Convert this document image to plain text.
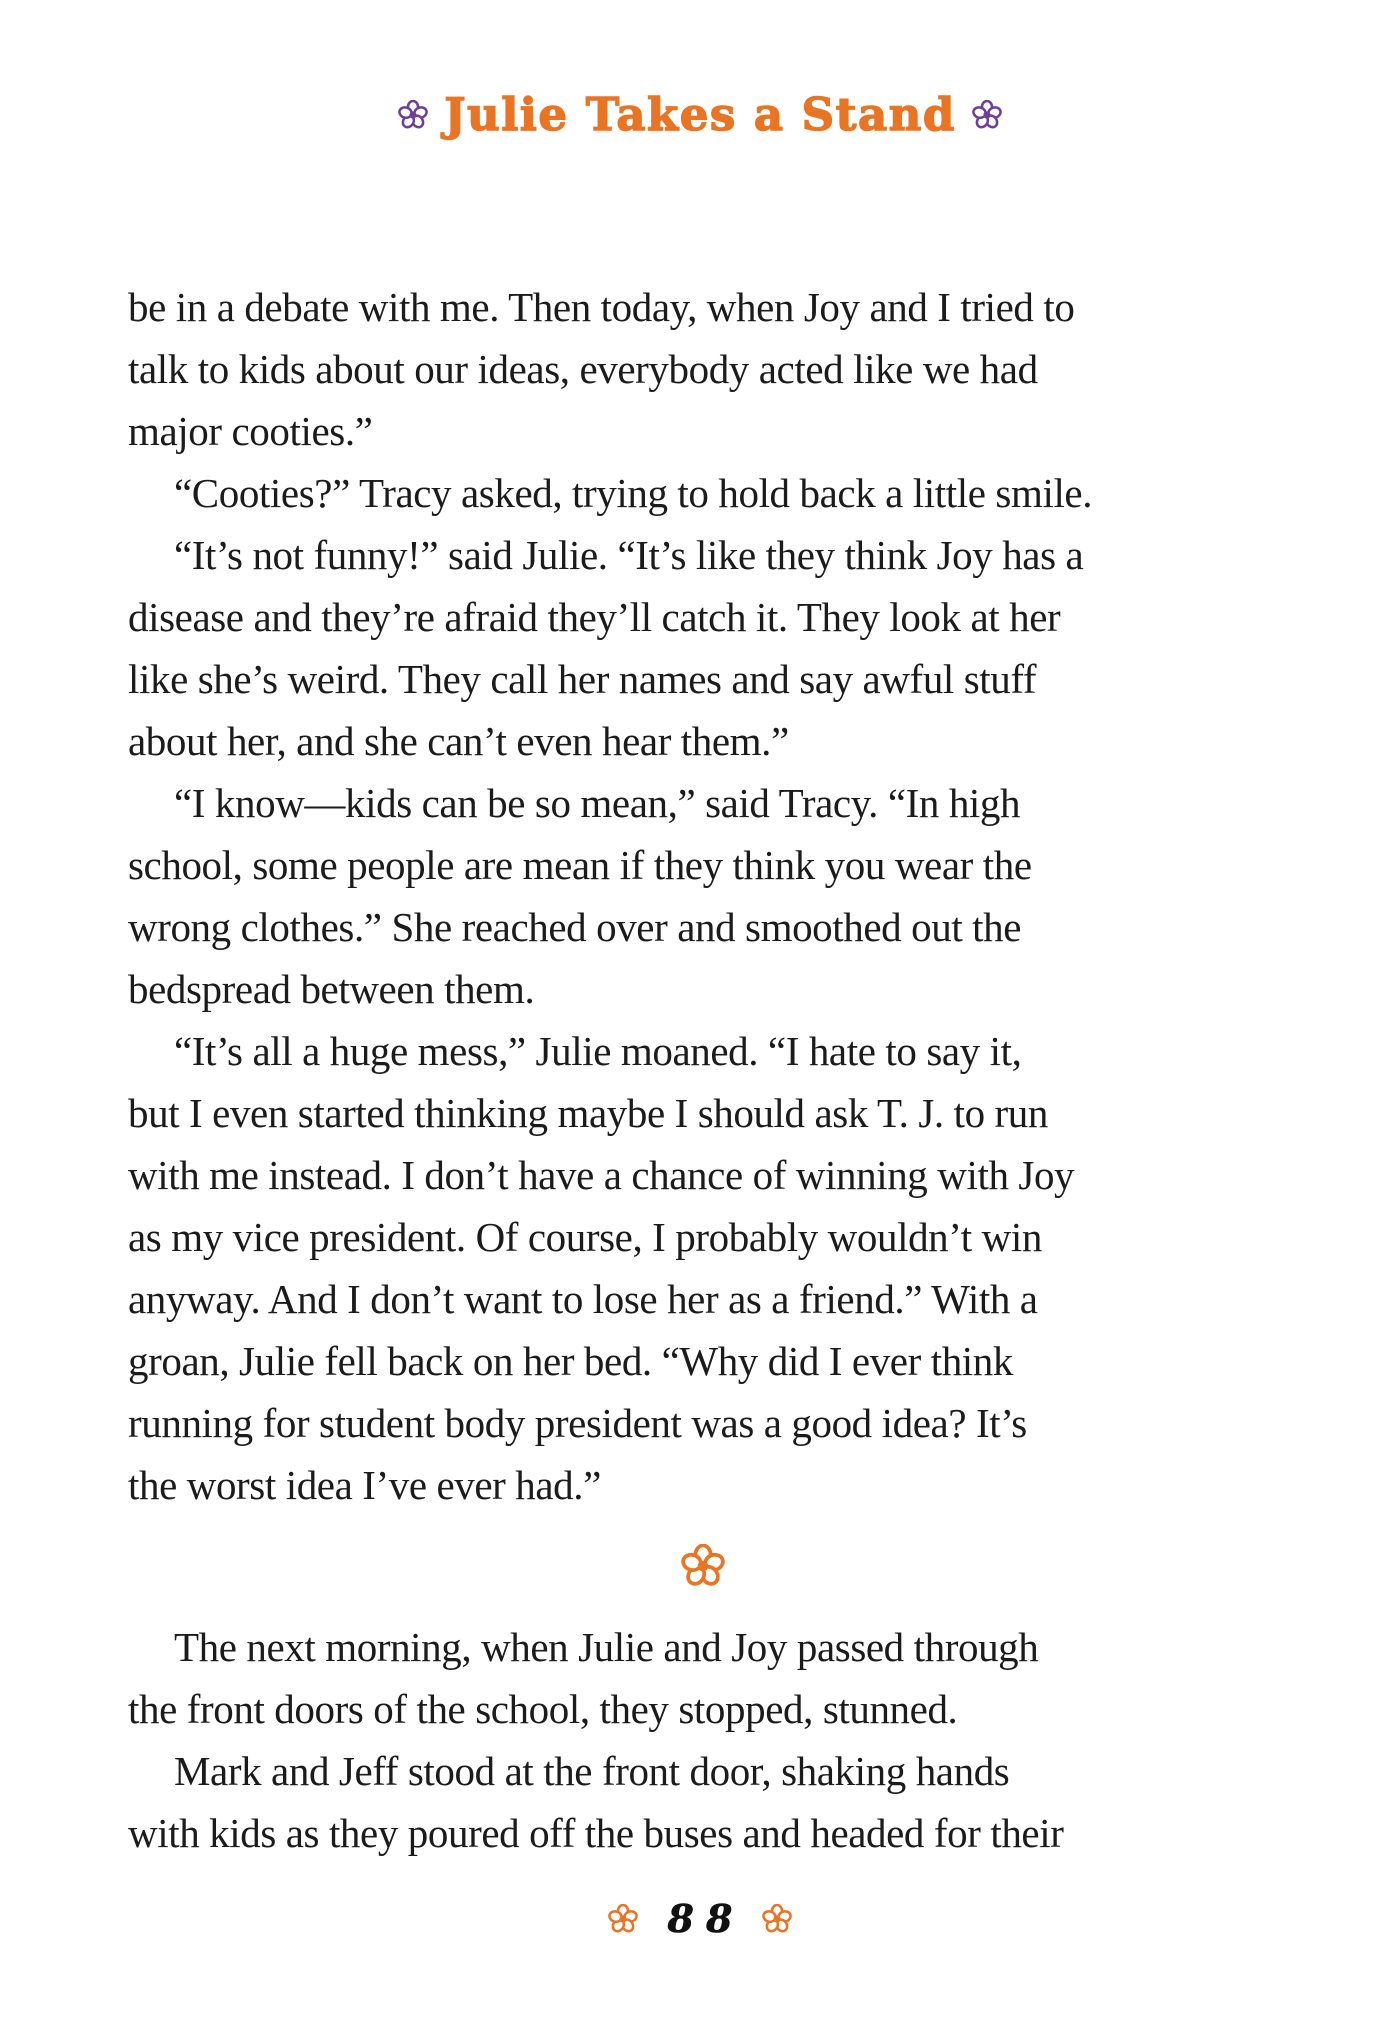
Julie Takes a Stand
be in a debate with me. Then today, when Joy and I tried to
talk to kids about our ideas, everybody acted like we had
major cooties.”
“Cooties?” Tracy asked, trying to hold back a little smile.
“It’s not funny!” said Julie. “It’s like they think Joy has a
disease and they’re afraid they’ll catch it. They look at her
like she’s weird. They call her names and say awful stuff
about her, and she can’t even hear them.”
“I know—kids can be so mean,” said Tracy. “In high
school, some people are mean if they think you wear the
wrong clothes.” She reached over and smoothed out the
bedspread between them.
“It’s all a huge mess,” Julie moaned. “I hate to say it,
but I even started thinking maybe I should ask T. J. to run
with me instead. I don’t have a chance of winning with Joy
as my vice president. Of course, I probably wouldn’t win
anyway. And I don’t want to lose her as a friend.” With a
groan, Julie fell back on her bed. “Why did I ever think
running for student body president was a good idea? It’s
the worst idea I’ve ever had.”
The next morning, when Julie and Joy passed through
the front doors of the school, they stopped, stunned.
Mark and Jeff stood at the front door, shaking hands
with kids as they poured off the buses and headed for their
88
